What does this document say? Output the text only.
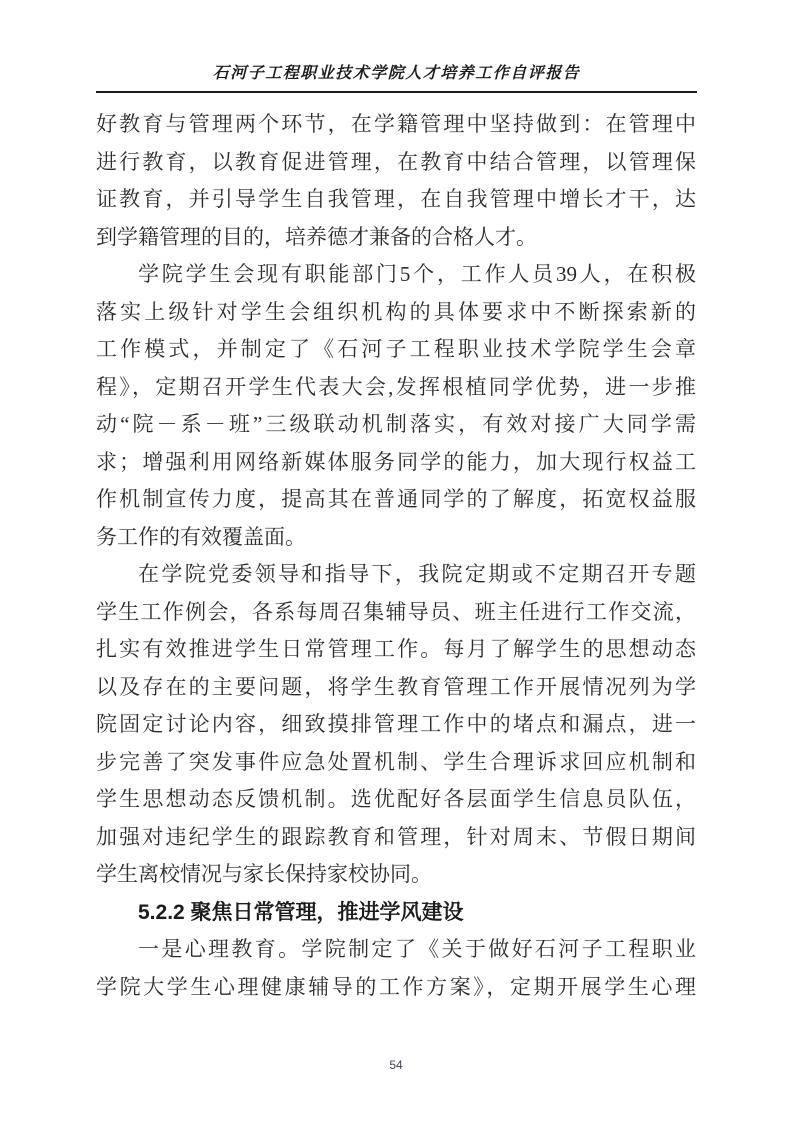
石河子工程职业技术学院人才培养工作自评报告
好教育与管理两个环节，在学籍管理中坚持做到：在管理中
进行教育，以教育促进管理，在教育中结合管理，以管理保
证教育，并引导学生自我管理，在自我管理中增长才干，达
到学籍管理的目的，培养德才兼备的合格人才。
学院学生会现有职能部门5个，工作人员39人，在积极
落实上级针对学生会组织机构的具体要求中不断探索新的
工作模式，并制定了《石河子工程职业技术学院学生会章
程》，定期召开学生代表大会,发挥根植同学优势，进一步推
动“院－系－班”三级联动机制落实，有效对接广大同学需
求；增强利用网络新媒体服务同学的能力，加大现行权益工
作机制宣传力度，提高其在普通同学的了解度，拓宽权益服
务工作的有效覆盖面。
在学院党委领导和指导下，我院定期或不定期召开专题
学生工作例会，各系每周召集辅导员、班主任进行工作交流，
扎实有效推进学生日常管理工作。每月了解学生的思想动态
以及存在的主要问题，将学生教育管理工作开展情况列为学
院固定讨论内容，细致摸排管理工作中的堵点和漏点，进一
步完善了突发事件应急处置机制、学生合理诉求回应机制和
学生思想动态反馈机制。选优配好各层面学生信息员队伍，
加强对违纪学生的跟踪教育和管理，针对周末、节假日期间
学生离校情况与家长保持家校协同。
5.2.2 聚焦日常管理，推进学风建设
一是心理教育。学院制定了《关于做好石河子工程职业
学院大学生心理健康辅导的工作方案》，定期开展学生心理
54
